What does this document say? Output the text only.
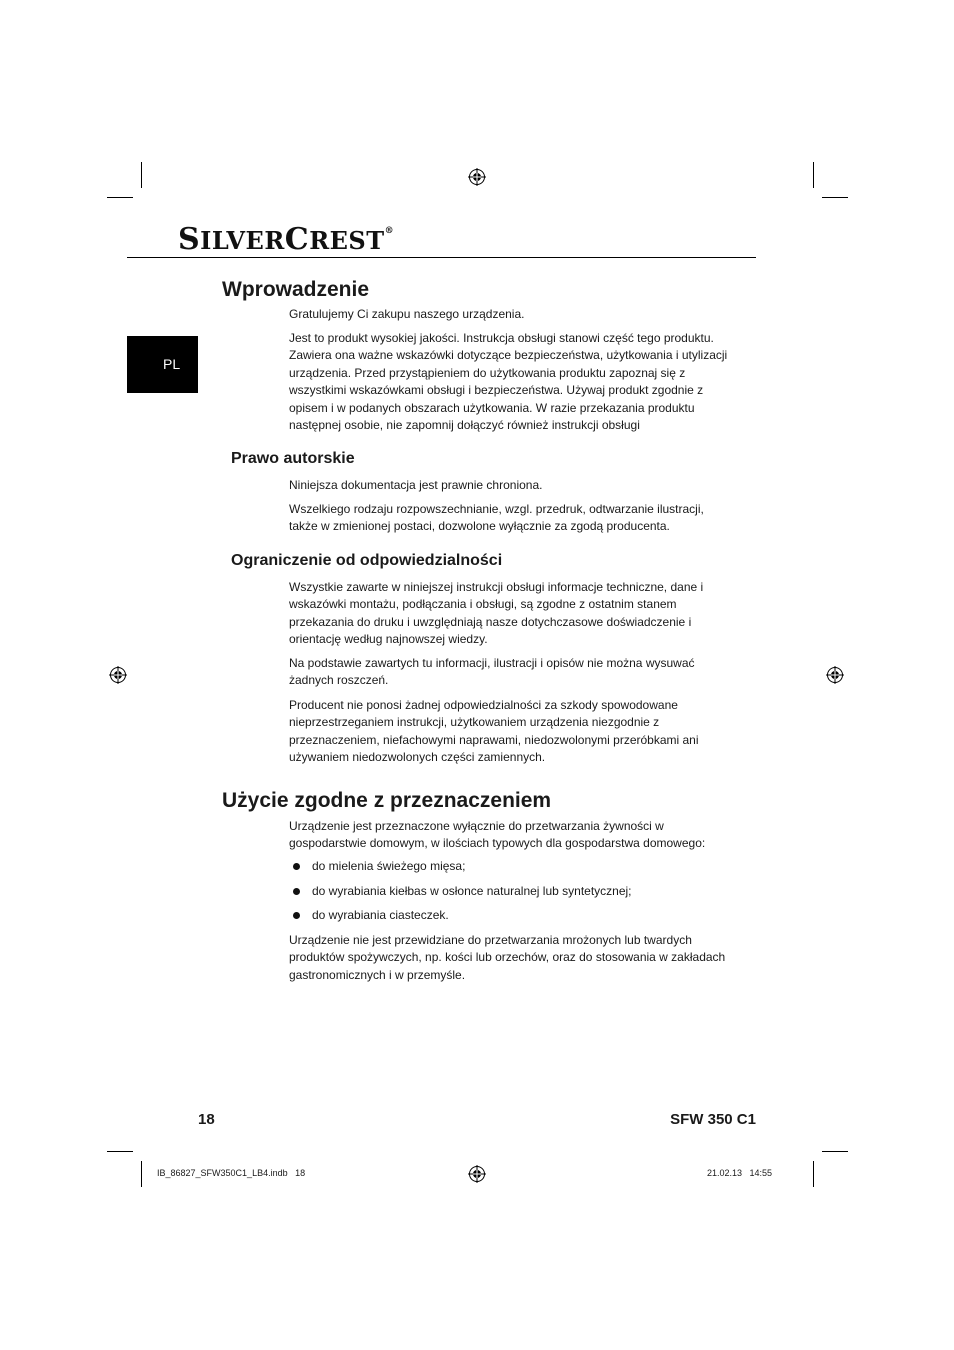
SILVERCREST®
PL
Wprowadzenie

Gratulujemy Ci zakupu naszego urządzenia.

Jest to produkt wysokiej jakości. Instrukcja obsługi stanowi część tego produktu. Zawiera ona ważne wskazówki dotyczące bezpieczeństwa, użytkowania i utylizacji urządzenia. Przed przystąpieniem do użytkowania produktu zapoznaj się z wszystkimi wskazówkami obsługi i bezpieczeństwa. Używaj produkt zgodnie z opisem i w podanych obszarach użytkowania. W razie przekazania produktu następnej osobie, nie zapomnij dołączyć również instrukcji obsługi

Prawo autorskie

Niniejsza dokumentacja jest prawnie chroniona.

Wszelkiego rodzaju rozpowszechnianie, wzgl. przedruk, odtwarzanie ilustracji, także w zmienionej postaci, dozwolone wyłącznie za zgodą producenta.

Ograniczenie od odpowiedzialności

Wszystkie zawarte w niniejszej instrukcji obsługi informacje techniczne, dane i wskazówki montażu, podłączania i obsługi, są zgodne z ostatnim stanem przekazania do druku i uwzględniają nasze dotychczasowe doświadczenie i orientację według najnowszej wiedzy.

Na podstawie zawartych tu informacji, ilustracji i opisów nie można wysuwać żadnych roszczeń.

Producent nie ponosi żadnej odpowiedzialności za szkody spowodowane nieprzestrzeganiem instrukcji, użytkowaniem urządzenia niezgodnie z przeznaczeniem, niefachowymi naprawami, niedozwolonymi przeróbkami ani używaniem niedozwolonych części zamiennych.

Użycie zgodne z przeznaczeniem

Urządzenie jest przeznaczone wyłącznie do przetwarzania żywności w gospodarstwie domowym, w ilościach typowych dla gospodarstwa domowego:

do mielenia świeżego mięsa;
do wyrabiania kiełbas w osłonce naturalnej lub syntetycznej;
do wyrabiania ciasteczek.

Urządzenie nie jest przewidziane do przetwarzania mrożonych lub twardych produktów spożywczych, np. kości lub orzechów, oraz do stosowania w zakładach gastronomicznych i w przemyśle.

18	SFW 350 C1
IB_86827_SFW350C1_LB4.indb   18	21.02.13   14:55
